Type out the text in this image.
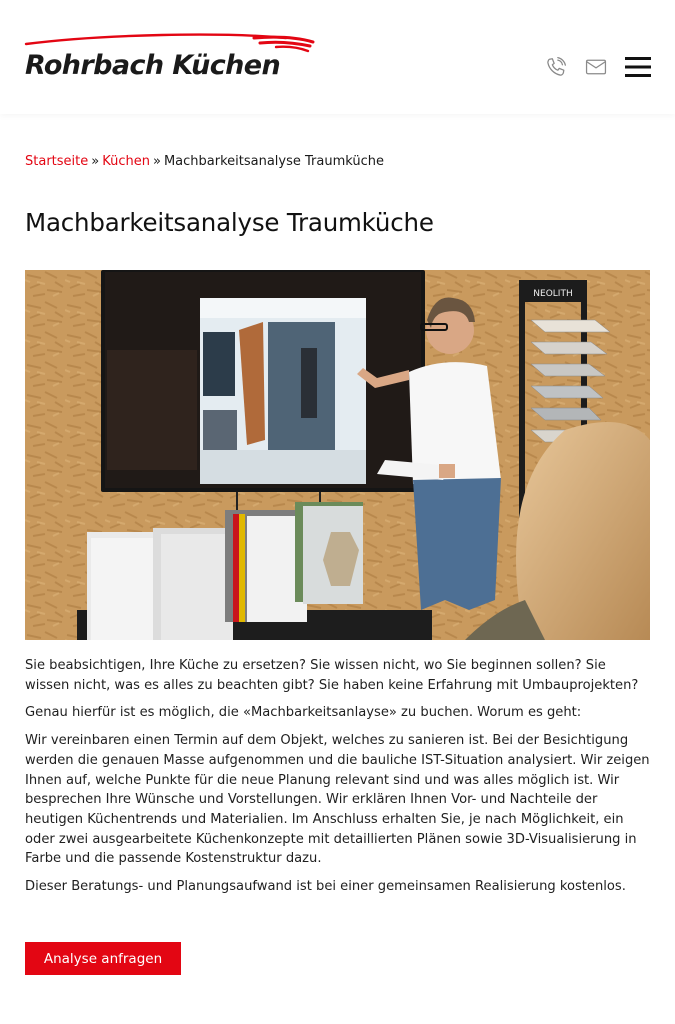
Rohrbach Küchen
Startseite » Küchen » Machbarkeitsanalyse Traumküche
Machbarkeitsanalyse Traumküche
NEOLITH

Sie beabsichtigen, Ihre Küche zu ersetzen? Sie wissen nicht, wo Sie beginnen sollen? Sie wissen nicht, was es alles zu beachten gibt? Sie haben keine Erfahrung mit Umbauprojekten?

Genau hierfür ist es möglich, die «Machbarkeitsanlayse» zu buchen. Worum es geht:

Wir vereinbaren einen Termin auf dem Objekt, welches zu sanieren ist. Bei der Besichtigung werden die genauen Masse aufgenommen und die bauliche IST-Situation analysiert. Wir zeigen Ihnen auf, welche Punkte für die neue Planung relevant sind und was alles möglich ist. Wir besprechen Ihre Wünsche und Vorstellungen. Wir erklären Ihnen Vor- und Nachteile der heutigen Küchentrends und Materialien. Im Anschluss erhalten Sie, je nach Möglichkeit, ein oder zwei ausgearbeitete Küchenkonzepte mit detaillierten Plänen sowie 3D-Visualisierung in Farbe und die passende Kostenstruktur dazu.

Dieser Beratungs- und Planungsaufwand ist bei einer gemeinsamen Realisierung kostenlos.

Analyse anfragen
